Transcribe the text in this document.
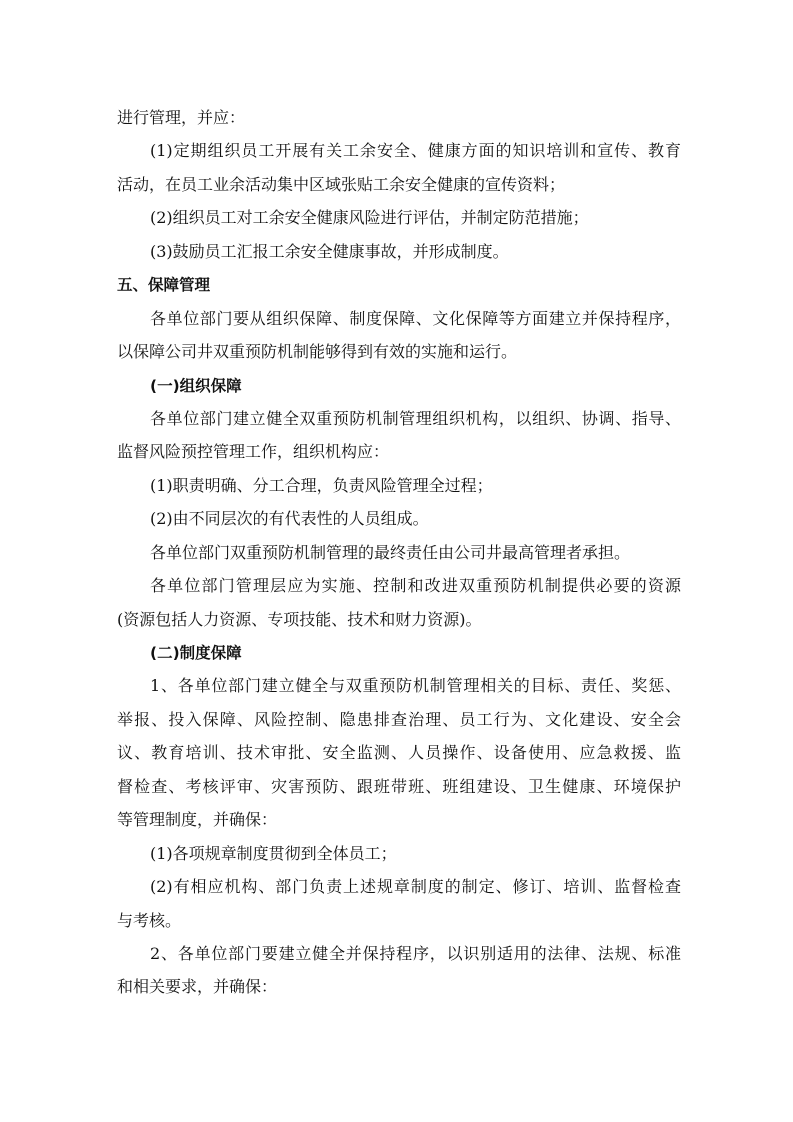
进行管理，并应：
(1)定期组织员工开展有关工余安全、健康方面的知识培训和宣传、教育
活动，在员工业余活动集中区域张贴工余安全健康的宣传资料；
(2)组织员工对工余安全健康风险进行评估，并制定防范措施；
(3)鼓励员工汇报工余安全健康事故，并形成制度。
五、保障管理
各单位部门要从组织保障、制度保障、文化保障等方面建立并保持程序，
以保障公司井双重预防机制能够得到有效的实施和运行。
(一)组织保障
各单位部门建立健全双重预防机制管理组织机构，以组织、协调、指导、
监督风险预控管理工作，组织机构应：
(1)职责明确、分工合理，负责风险管理全过程；
(2)由不同层次的有代表性的人员组成。
各单位部门双重预防机制管理的最终责任由公司井最高管理者承担。
各单位部门管理层应为实施、控制和改进双重预防机制提供必要的资源
(资源包括人力资源、专项技能、技术和财力资源)。
(二)制度保障
1、各单位部门建立健全与双重预防机制管理相关的目标、责任、奖惩、
举报、投入保障、风险控制、隐患排查治理、员工行为、文化建设、安全会
议、教育培训、技术审批、安全监测、人员操作、设备使用、应急救援、监
督检查、考核评审、灾害预防、跟班带班、班组建设、卫生健康、环境保护
等管理制度，并确保：
(1)各项规章制度贯彻到全体员工；
(2)有相应机构、部门负责上述规章制度的制定、修订、培训、监督检查
与考核。
2、各单位部门要建立健全并保持程序，以识别适用的法律、法规、标准
和相关要求，并确保：
